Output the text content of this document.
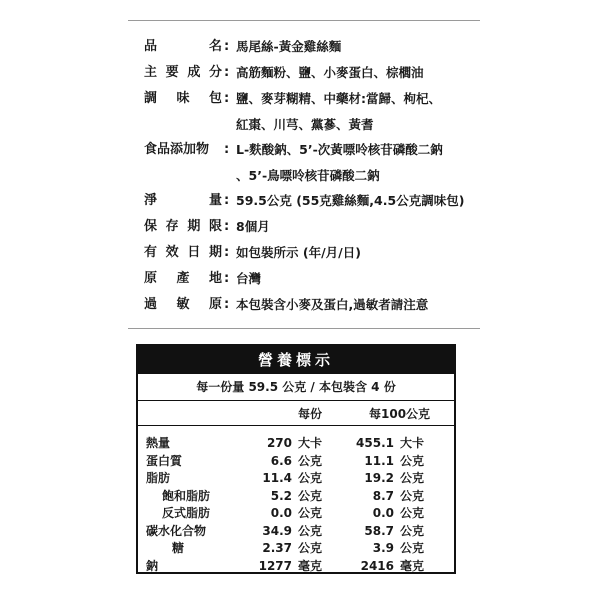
品	名 : 馬尾絲-黃金雞絲麵
主 要 成 分 : 高筋麵粉、鹽、小麥蛋白、棕櫚油
調 味 包 : 鹽、麥芽糊精、中藥材:當歸、枸杞、
紅棗、川芎、黨蔘、黃耆
食品添加物 : L-麩酸鈉、5’-次黃嘌呤核苷磷酸二鈉
、5’-鳥嘌呤核苷磷酸二鈉
淨	量 : 59.5公克 (55克雞絲麵,4.5公克調味包)
保 存 期 限 : 8個月
有 效 日 期 : 如包裝所示 (年/月/日)
原 產 地 : 台灣
過 敏 原 : 本包裝含小麥及蛋白,過敏者請注意
營養標示
每一份量 59.5 公克 / 本包裝含 4 份
每份	每100公克
熱量	270 大卡	455.1 大卡
蛋白質	6.6 公克	11.1 公克
脂肪	11.4 公克	19.2 公克
飽和脂肪	5.2 公克	8.7 公克
反式脂肪	0.0 公克	0.0 公克
碳水化合物	34.9 公克	58.7 公克
糖	2.37 公克	3.9 公克
鈉	1277 毫克	2416 毫克
